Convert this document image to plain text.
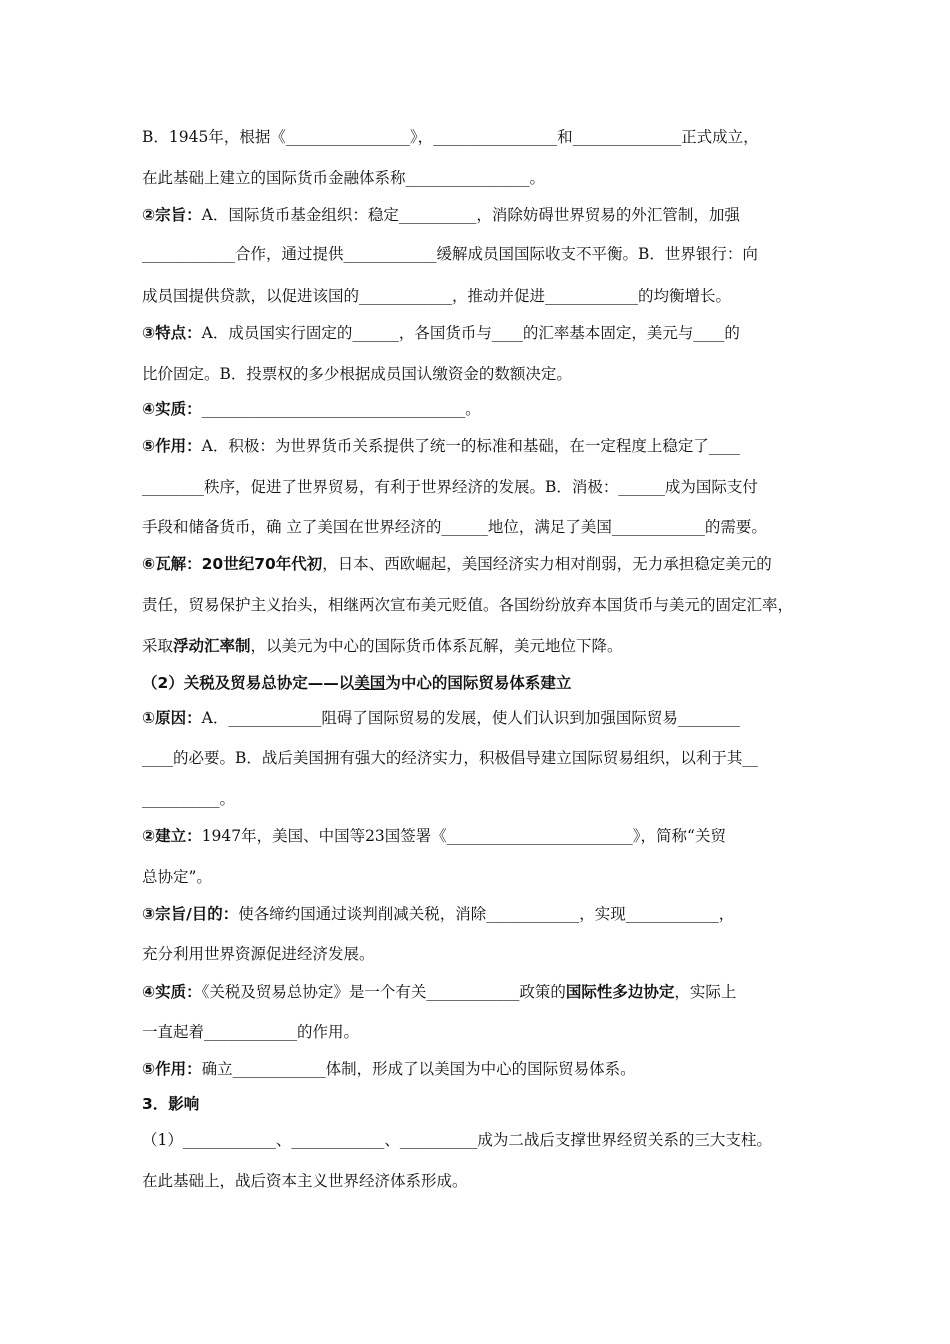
B．1945年，根据《________________》，________________和______________正式成立，
在此基础上建立的国际货币金融体系称________________。
②宗旨：A．国际货币基金组织：稳定__________，消除妨碍世界贸易的外汇管制，加强
____________合作，通过提供____________缓解成员国国际收支不平衡。B．世界银行：向
成员国提供贷款，以促进该国的____________，推动并促进____________的均衡增长。
③特点：A．成员国实行固定的______，各国货币与____的汇率基本固定，美元与____的
比价固定。B．投票权的多少根据成员国认缴资金的数额决定。
④实质：__________________________________。
⑤作用：A．积极：为世界货币关系提供了统一的标准和基础，在一定程度上稳定了____
________秩序，促进了世界贸易，有利于世界经济的发展。B．消极：______成为国际支付
手段和储备货币，确 立了美国在世界经济的______地位，满足了美国____________的需要。
⑥瓦解：20世纪70年代初，日本、西欧崛起，美国经济实力相对削弱，无力承担稳定美元的
责任，贸易保护主义抬头，相继两次宣布美元贬值。各国纷纷放弃本国货币与美元的固定汇率，
采取浮动汇率制，以美元为中心的国际货币体系瓦解，美元地位下降。
（2）关税及贸易总协定——以美国为中心的国际贸易体系建立
①原因：A．____________阻碍了国际贸易的发展，使人们认识到加强国际贸易________
____的必要。B．战后美国拥有强大的经济实力，积极倡导建立国际贸易组织，以利于其__
__________。
②建立：1947年，美国、中国等23国签署《________________________》，简称“关贸
总协定”。
③宗旨/目的：使各缔约国通过谈判削减关税，消除____________，实现____________，
充分利用世界资源促进经济发展。
④实质：《关税及贸易总协定》是一个有关____________政策的国际性多边协定，实际上
一直起着____________的作用。
⑤作用：确立____________体制，形成了以美国为中心的国际贸易体系。
3．影响
（1）____________、____________、__________成为二战后支撑世界经贸关系的三大支柱。
在此基础上，战后资本主义世界经济体系形成。
